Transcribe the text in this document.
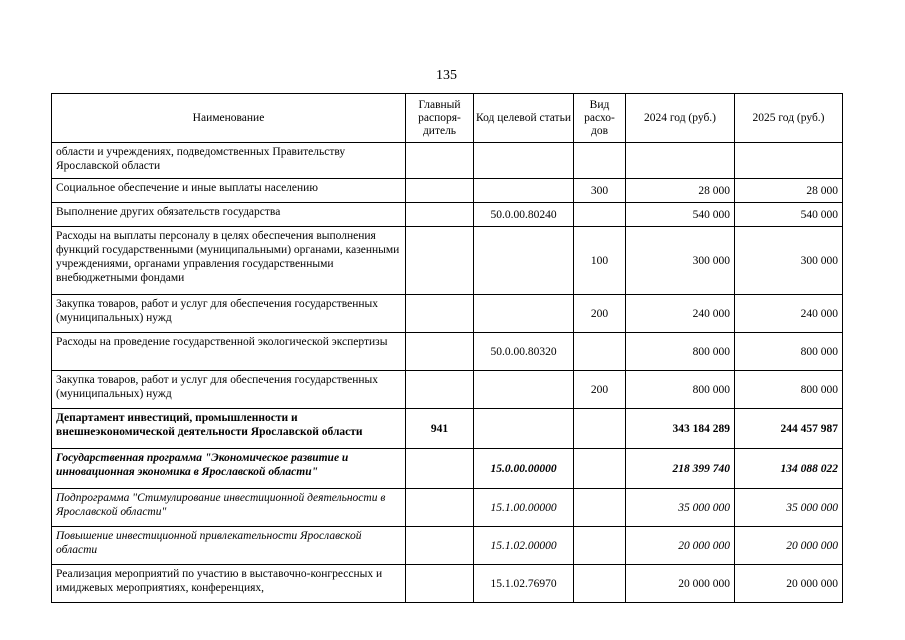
135
Наименование	Главный распоря-дитель	Код целевой статьи	Вид расхо-дов	2024 год (руб.)	2025 год (руб.)
области и учреждениях, подведомственных Правительству Ярославской области					
Социальное обеспечение и иные выплаты населению			300	28 000	28 000
Выполнение других обязательств государства		50.0.00.80240		540 000	540 000
Расходы на выплаты персоналу в целях обеспечения выполнения функций государственными (муниципальными) органами, казенными учреждениями, органами управления государственными внебюджетными фондами			100	300 000	300 000
Закупка товаров, работ и услуг для обеспечения государственных (муниципальных) нужд			200	240 000	240 000
Расходы на проведение государственной экологической экспертизы		50.0.00.80320		800 000	800 000
Закупка товаров, работ и услуг для обеспечения государственных (муниципальных) нужд			200	800 000	800 000
Департамент инвестиций, промышленности и внешнеэкономической деятельности Ярославской области	941			343 184 289	244 457 987
Государственная программа "Экономическое развитие и инновационная экономика в Ярославской области"		15.0.00.00000		218 399 740	134 088 022
Подпрограмма "Стимулирование инвестиционной деятельности в Ярославской области"		15.1.00.00000		35 000 000	35 000 000
Повышение инвестиционной привлекательности Ярославской области		15.1.02.00000		20 000 000	20 000 000
Реализация мероприятий по участию в выставочно-конгрессных и имиджевых мероприятиях, конференциях,		15.1.02.76970		20 000 000	20 000 000
